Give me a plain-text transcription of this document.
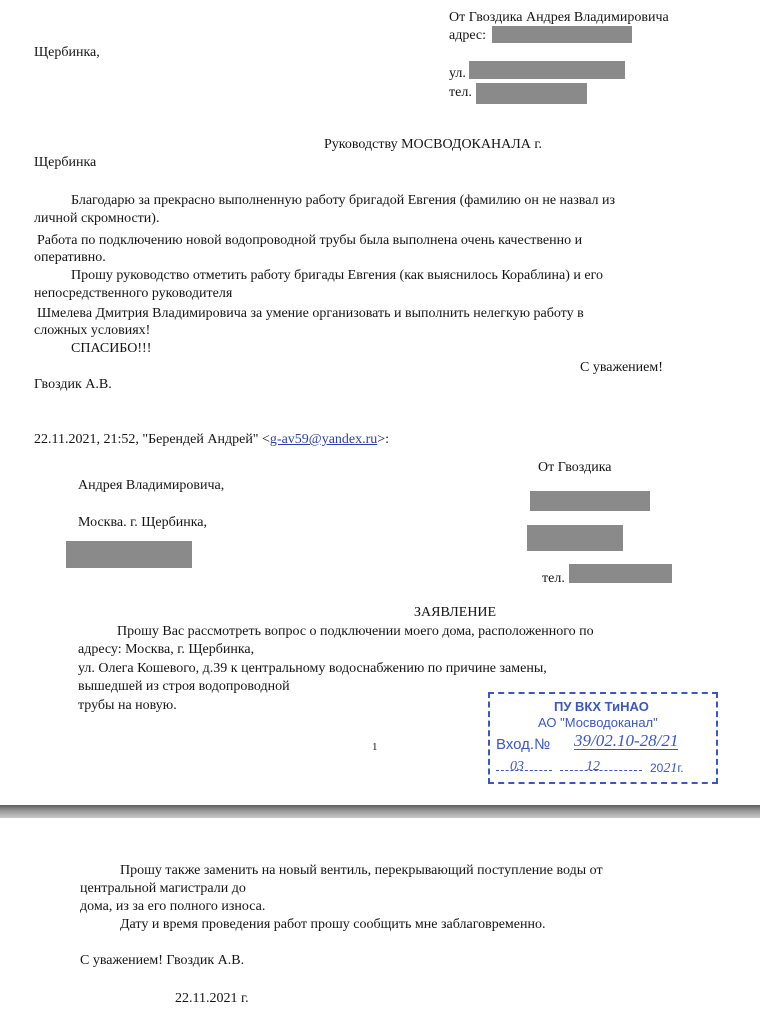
От Гвоздика Андрея Владимировича
адрес:
Щербинка,
ул.
тел.
Руководству МОСВОДОКАНАЛА г.
Щербинка
Благодарю за прекрасно выполненную работу бригадой Евгения (фамилию он не назвал из
личной скромности).
Работа по подключению новой водопроводной трубы была выполнена очень качественно и
оперативно.
Прошу руководство отметить работу бригады Евгения (как выяснилось Кораблина) и его
непосредственного руководителя
Шмелева Дмитрия Владимировича за умение организовать и выполнить нелегкую работу в
сложных условиях!
СПАСИБО!!!
С уважением!
Гвоздик А.В.
22.11.2021, 21:52, "Берендей Андрей" <g-av59@yandex.ru>:
От Гвоздика
Андрея Владимировича,
Москва. г. Щербинка,
тел.
ЗАЯВЛЕНИЕ
Прошу Вас рассмотреть вопрос о подключении моего дома, расположенного по
адресу: Москва, г. Щербинка,
ул. Олега Кошевого, д.39 к центральному водоснабжению по причине замены,
вышедшей из строя водопроводной
трубы на новую.
1
ПУ ВКХ ТиНАО
АО "Мосводоканал"
Вход.№ 39/02.10-28/21
03	12	2021г.
Прошу также заменить на новый вентиль, перекрывающий поступление воды от
центральной магистрали до
дома, из за его полного износа.
Дату и время проведения работ прошу сообщить мне заблаговременно.
С уважением! Гвоздик А.В.
22.11.2021 г.
